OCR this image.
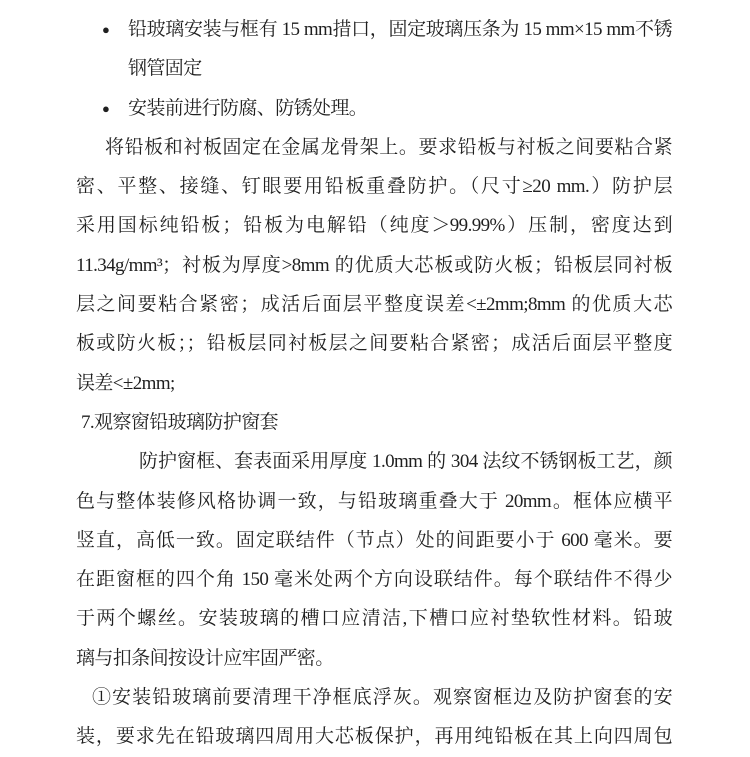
● 铅玻璃安装与框有 15 mm措口，固定玻璃压条为 15 mm×15 mm不锈
钢管固定
● 安装前进行防腐、防锈处理。
将铅板和衬板固定在金属龙骨架上。要求铅板与衬板之间要粘合紧
密、平整、接缝、钉眼要用铅板重叠防护。（尺寸≥20 mm.）防护层
采用国标纯铅板；铅板为电解铅（纯度＞99.99%）压制，密度达到
11.34g/mm³；衬板为厚度>8mm 的优质大芯板或防火板；铅板层同衬板
层之间要粘合紧密；成活后面层平整度误差<±2mm;8mm 的优质大芯
板或防火板；；铅板层同衬板层之间要粘合紧密；成活后面层平整度
误差<±2mm;
7.观察窗铅玻璃防护窗套
防护窗框、套表面采用厚度 1.0mm 的 304 法纹不锈钢板工艺，颜
色与整体装修风格协调一致，与铅玻璃重叠大于 20mm。框体应横平
竖直，高低一致。固定联结件（节点）处的间距要小于 600 毫米。要
在距窗框的四个角 150 毫米处两个方向设联结件。每个联结件不得少
于两个螺丝。安装玻璃的槽口应清洁,下槽口应衬垫软性材料。铅玻
璃与扣条间按设计应牢固严密。
①安装铅玻璃前要清理干净框底浮灰。观察窗框边及防护窗套的安
装，要求先在铅玻璃四周用大芯板保护，再用纯铅板在其上向四周包
